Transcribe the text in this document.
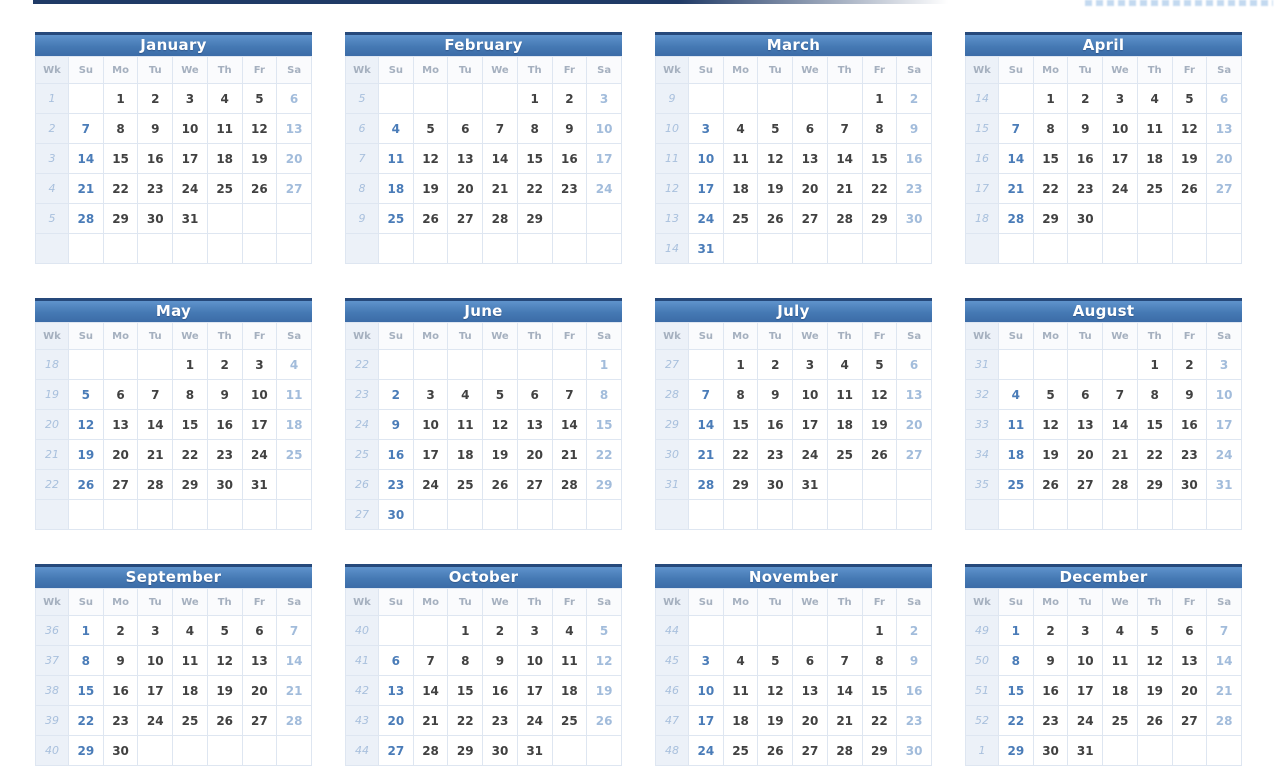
January
Wk	Su	Mo	Tu	We	Th	Fr	Sa
1		1	2	3	4	5	6
2	7	8	9	10	11	12	13
3	14	15	16	17	18	19	20
4	21	22	23	24	25	26	27
5	28	29	30	31			

February
Wk	Su	Mo	Tu	We	Th	Fr	Sa
5					1	2	3
6	4	5	6	7	8	9	10
7	11	12	13	14	15	16	17
8	18	19	20	21	22	23	24
9	25	26	27	28	29		

March
Wk	Su	Mo	Tu	We	Th	Fr	Sa
9						1	2
10	3	4	5	6	7	8	9
11	10	11	12	13	14	15	16
12	17	18	19	20	21	22	23
13	24	25	26	27	28	29	30
14	31						
April
Wk	Su	Mo	Tu	We	Th	Fr	Sa
14		1	2	3	4	5	6
15	7	8	9	10	11	12	13
16	14	15	16	17	18	19	20
17	21	22	23	24	25	26	27
18	28	29	30				

May
Wk	Su	Mo	Tu	We	Th	Fr	Sa
18				1	2	3	4
19	5	6	7	8	9	10	11
20	12	13	14	15	16	17	18
21	19	20	21	22	23	24	25
22	26	27	28	29	30	31	

June
Wk	Su	Mo	Tu	We	Th	Fr	Sa
22							1
23	2	3	4	5	6	7	8
24	9	10	11	12	13	14	15
25	16	17	18	19	20	21	22
26	23	24	25	26	27	28	29
27	30						
July
Wk	Su	Mo	Tu	We	Th	Fr	Sa
27		1	2	3	4	5	6
28	7	8	9	10	11	12	13
29	14	15	16	17	18	19	20
30	21	22	23	24	25	26	27
31	28	29	30	31			

August
Wk	Su	Mo	Tu	We	Th	Fr	Sa
31					1	2	3
32	4	5	6	7	8	9	10
33	11	12	13	14	15	16	17
34	18	19	20	21	22	23	24
35	25	26	27	28	29	30	31

September
Wk	Su	Mo	Tu	We	Th	Fr	Sa
36	1	2	3	4	5	6	7
37	8	9	10	11	12	13	14
38	15	16	17	18	19	20	21
39	22	23	24	25	26	27	28
40	29	30					
October
Wk	Su	Mo	Tu	We	Th	Fr	Sa
40			1	2	3	4	5
41	6	7	8	9	10	11	12
42	13	14	15	16	17	18	19
43	20	21	22	23	24	25	26
44	27	28	29	30	31		
November
Wk	Su	Mo	Tu	We	Th	Fr	Sa
44						1	2
45	3	4	5	6	7	8	9
46	10	11	12	13	14	15	16
47	17	18	19	20	21	22	23
48	24	25	26	27	28	29	30
December
Wk	Su	Mo	Tu	We	Th	Fr	Sa
49	1	2	3	4	5	6	7
50	8	9	10	11	12	13	14
51	15	16	17	18	19	20	21
52	22	23	24	25	26	27	28
1	29	30	31				
